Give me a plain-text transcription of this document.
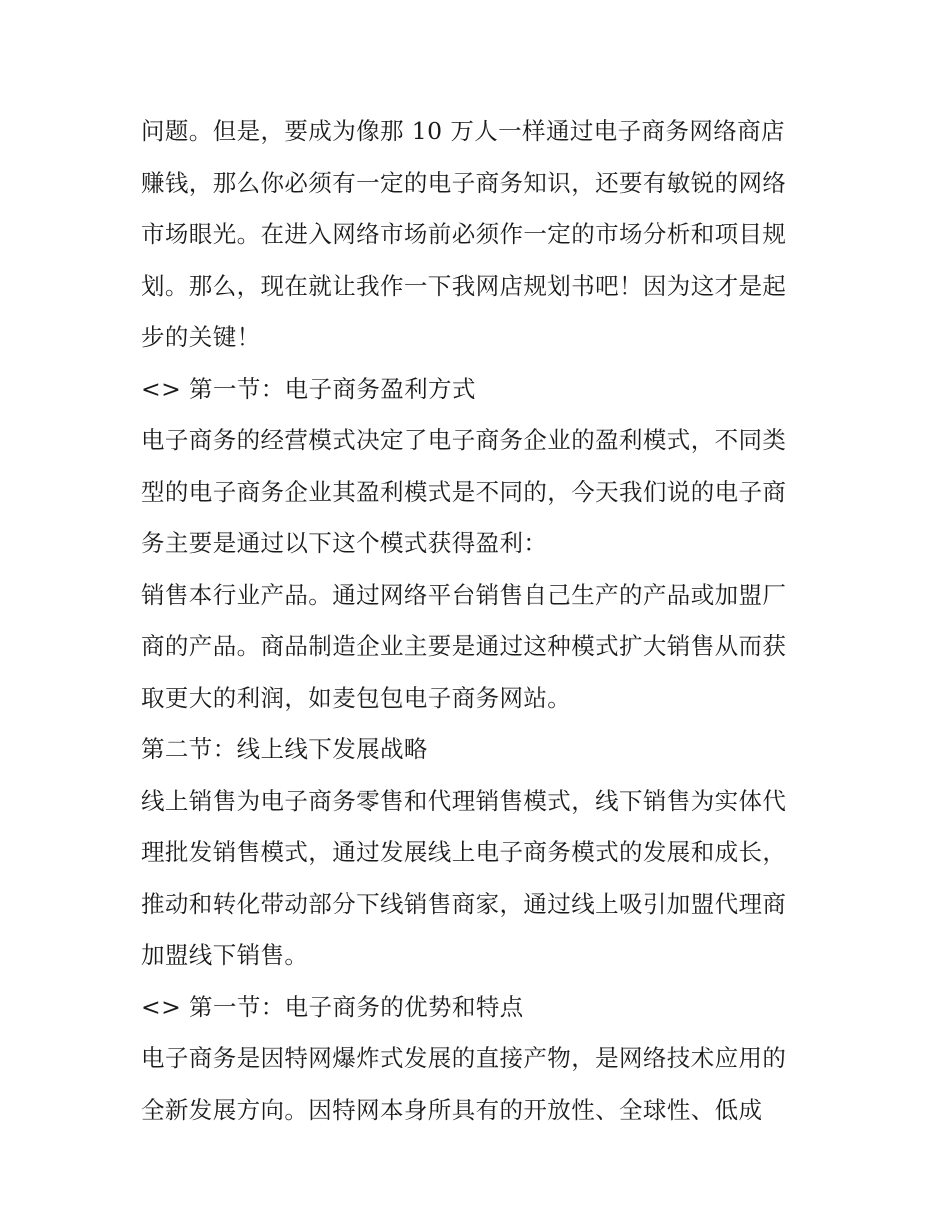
问题。但是，要成为像那 10 万人一样通过电子商务网络商店
赚钱，那么你必须有一定的电子商务知识，还要有敏锐的网络
市场眼光。在进入网络市场前必须作一定的市场分析和项目规
划。那么，现在就让我作一下我网店规划书吧！因为这才是起
步的关键！

<> 第一节：电子商务盈利方式

电子商务的经营模式决定了电子商务企业的盈利模式，不同类
型的电子商务企业其盈利模式是不同的，今天我们说的电子商
务主要是通过以下这个模式获得盈利：

销售本行业产品。通过网络平台销售自己生产的产品或加盟厂
商的产品。商品制造企业主要是通过这种模式扩大销售从而获
取更大的利润，如麦包包电子商务网站。

第二节：线上线下发展战略

线上销售为电子商务零售和代理销售模式，线下销售为实体代
理批发销售模式，通过发展线上电子商务模式的发展和成长，
推动和转化带动部分下线销售商家，通过线上吸引加盟代理商
加盟线下销售。

<> 第一节：电子商务的优势和特点

电子商务是因特网爆炸式发展的直接产物，是网络技术应用的
全新发展方向。因特网本身所具有的开放性、全球性、低成
